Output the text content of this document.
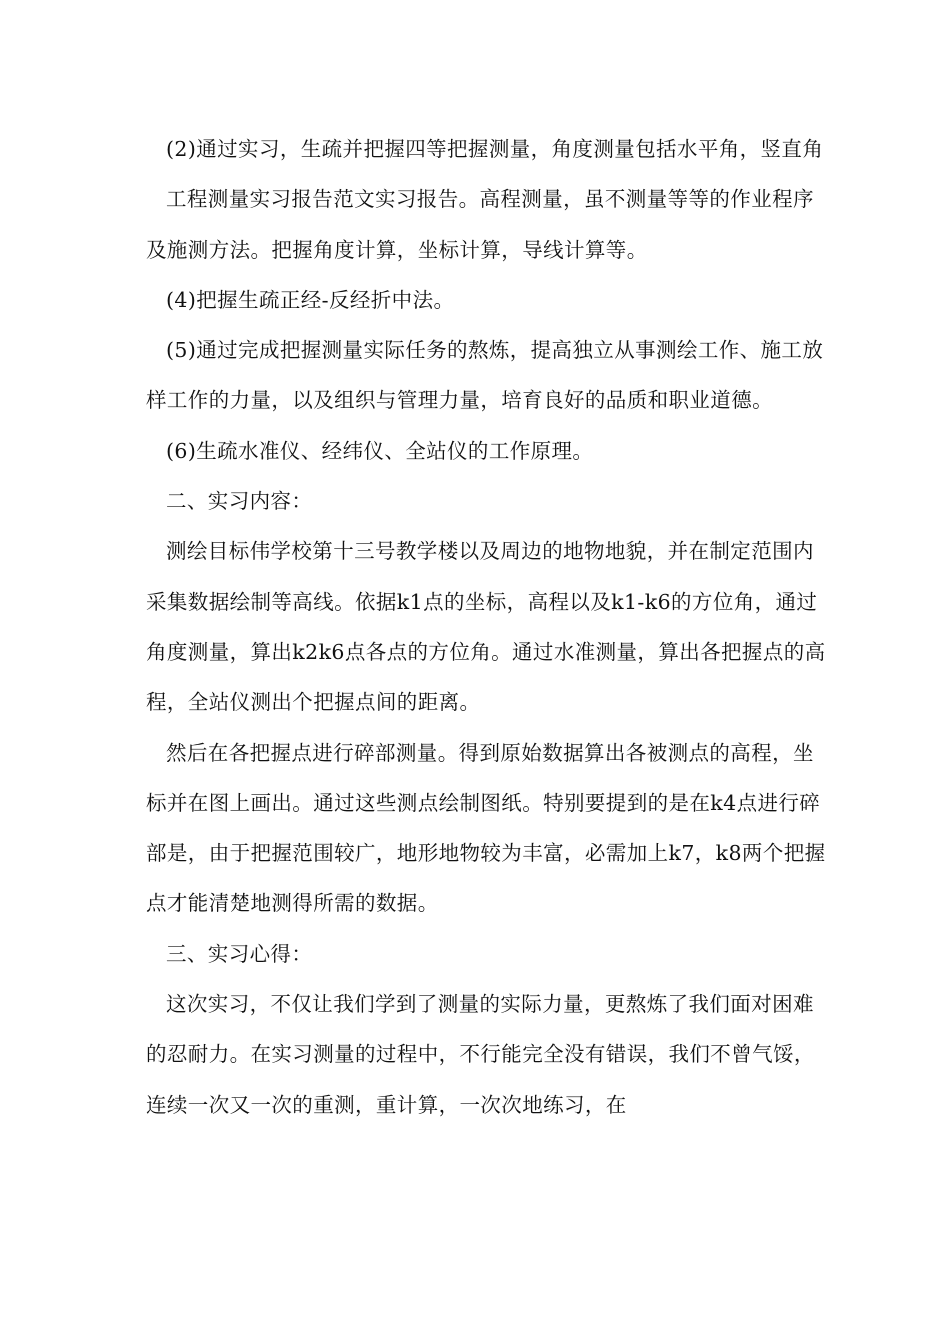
(2)通过实习，生疏并把握四等把握测量，角度测量包括水平角，竖直角

工程测量实习报告范文实习报告。高程测量，虽不测量等等的作业程序及施测方法。把握角度计算，坐标计算，导线计算等。

(4)把握生疏正经-反经折中法。

(5)通过完成把握测量实际任务的熬炼，提高独立从事测绘工作、施工放样工作的力量，以及组织与管理力量，培育良好的品质和职业道德。

(6)生疏水准仪、经纬仪、全站仪的工作原理。

二、实习内容：

测绘目标伟学校第十三号教学楼以及周边的地物地貌，并在制定范围内采集数据绘制等高线。依据k1点的坐标，高程以及k1-k6的方位角，通过角度测量，算出k2k6点各点的方位角。通过水准测量，算出各把握点的高程，全站仪测出个把握点间的距离。

然后在各把握点进行碎部测量。得到原始数据算出各被测点的高程，坐标并在图上画出。通过这些测点绘制图纸。特别要提到的是在k4点进行碎部是，由于把握范围较广，地形地物较为丰富，必需加上k7，k8两个把握点才能清楚地测得所需的数据。

三、实习心得：

这次实习，不仅让我们学到了测量的实际力量，更熬炼了我们面对困难的忍耐力。在实习测量的过程中，不行能完全没有错误，我们不曾气馁，连续一次又一次的重测，重计算，一次次地练习，在
